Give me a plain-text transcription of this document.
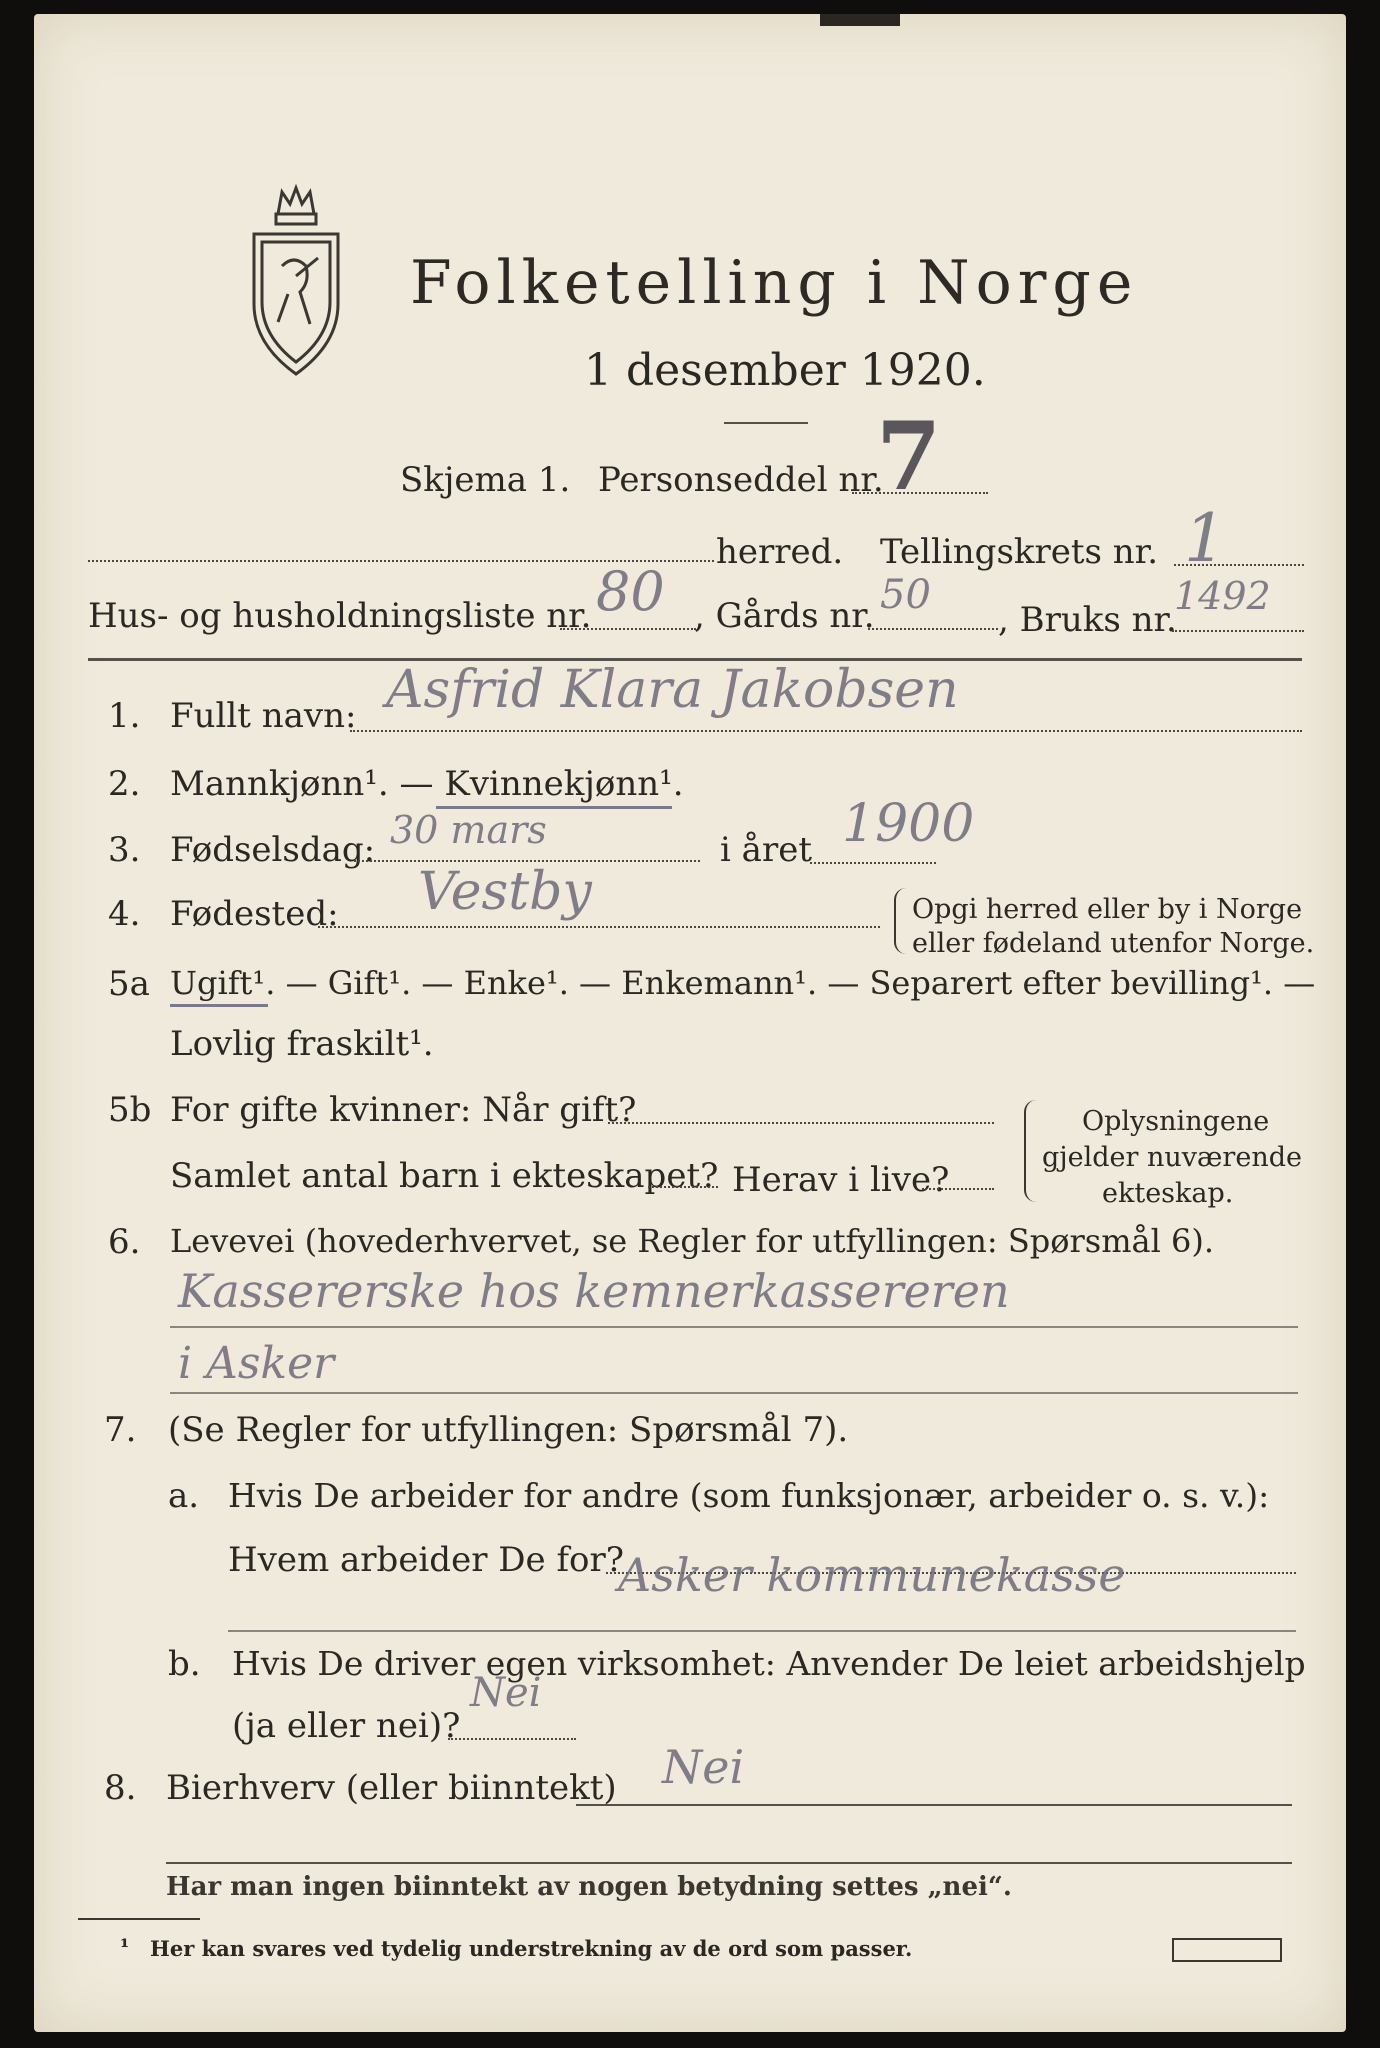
Folketelling i Norge
1 desember 1920.
Skjema 1. Personseddel nr.
7
herred. Tellingskrets nr. 1
Hus- og husholdningsliste nr. 80 , Gårds nr. 50
, Bruks nr.
1492
1. Fullt navn: Asfrid Klara Jakobsen
2. Mannkjønn¹. — Kvinnekjønn¹.
3. Fødselsdag: 30 mars	i året 1900
4. Fødested: Vestby	Opgi herred eller by i Norge
eller fødeland utenfor Norge.
5a Ugift¹. — Gift¹. — Enke¹. — Enkemann¹. — Separert efter bevilling¹. —
Lovlig fraskilt¹.
5b For gifte kvinner: Når gift?
Samlet antal barn i ekteskapet? Herav i live?
Oplysningene
gjelder nuværende
ekteskap.
6. Levevei (hovederhvervet, se Regler for utfyllingen: Spørsmål 6).
Kassererske hos kemnerkassereren
i Asker
7. (Se Regler for utfyllingen: Spørsmål 7).
a. Hvis De arbeider for andre (som funksjonær, arbeider o. s. v.):
Hvem arbeider De for?
Asker kommunekasse
b. Hvis De driver egen virksomhet: Anvender De leiet arbeidshjelp
(ja eller nei)?
Nei
8. Bierhverv (eller biinntekt) Nei
Har man ingen biinntekt av nogen betydning settes „nei“.
¹ Her kan svares ved tydelig understrekning av de ord som passer.
